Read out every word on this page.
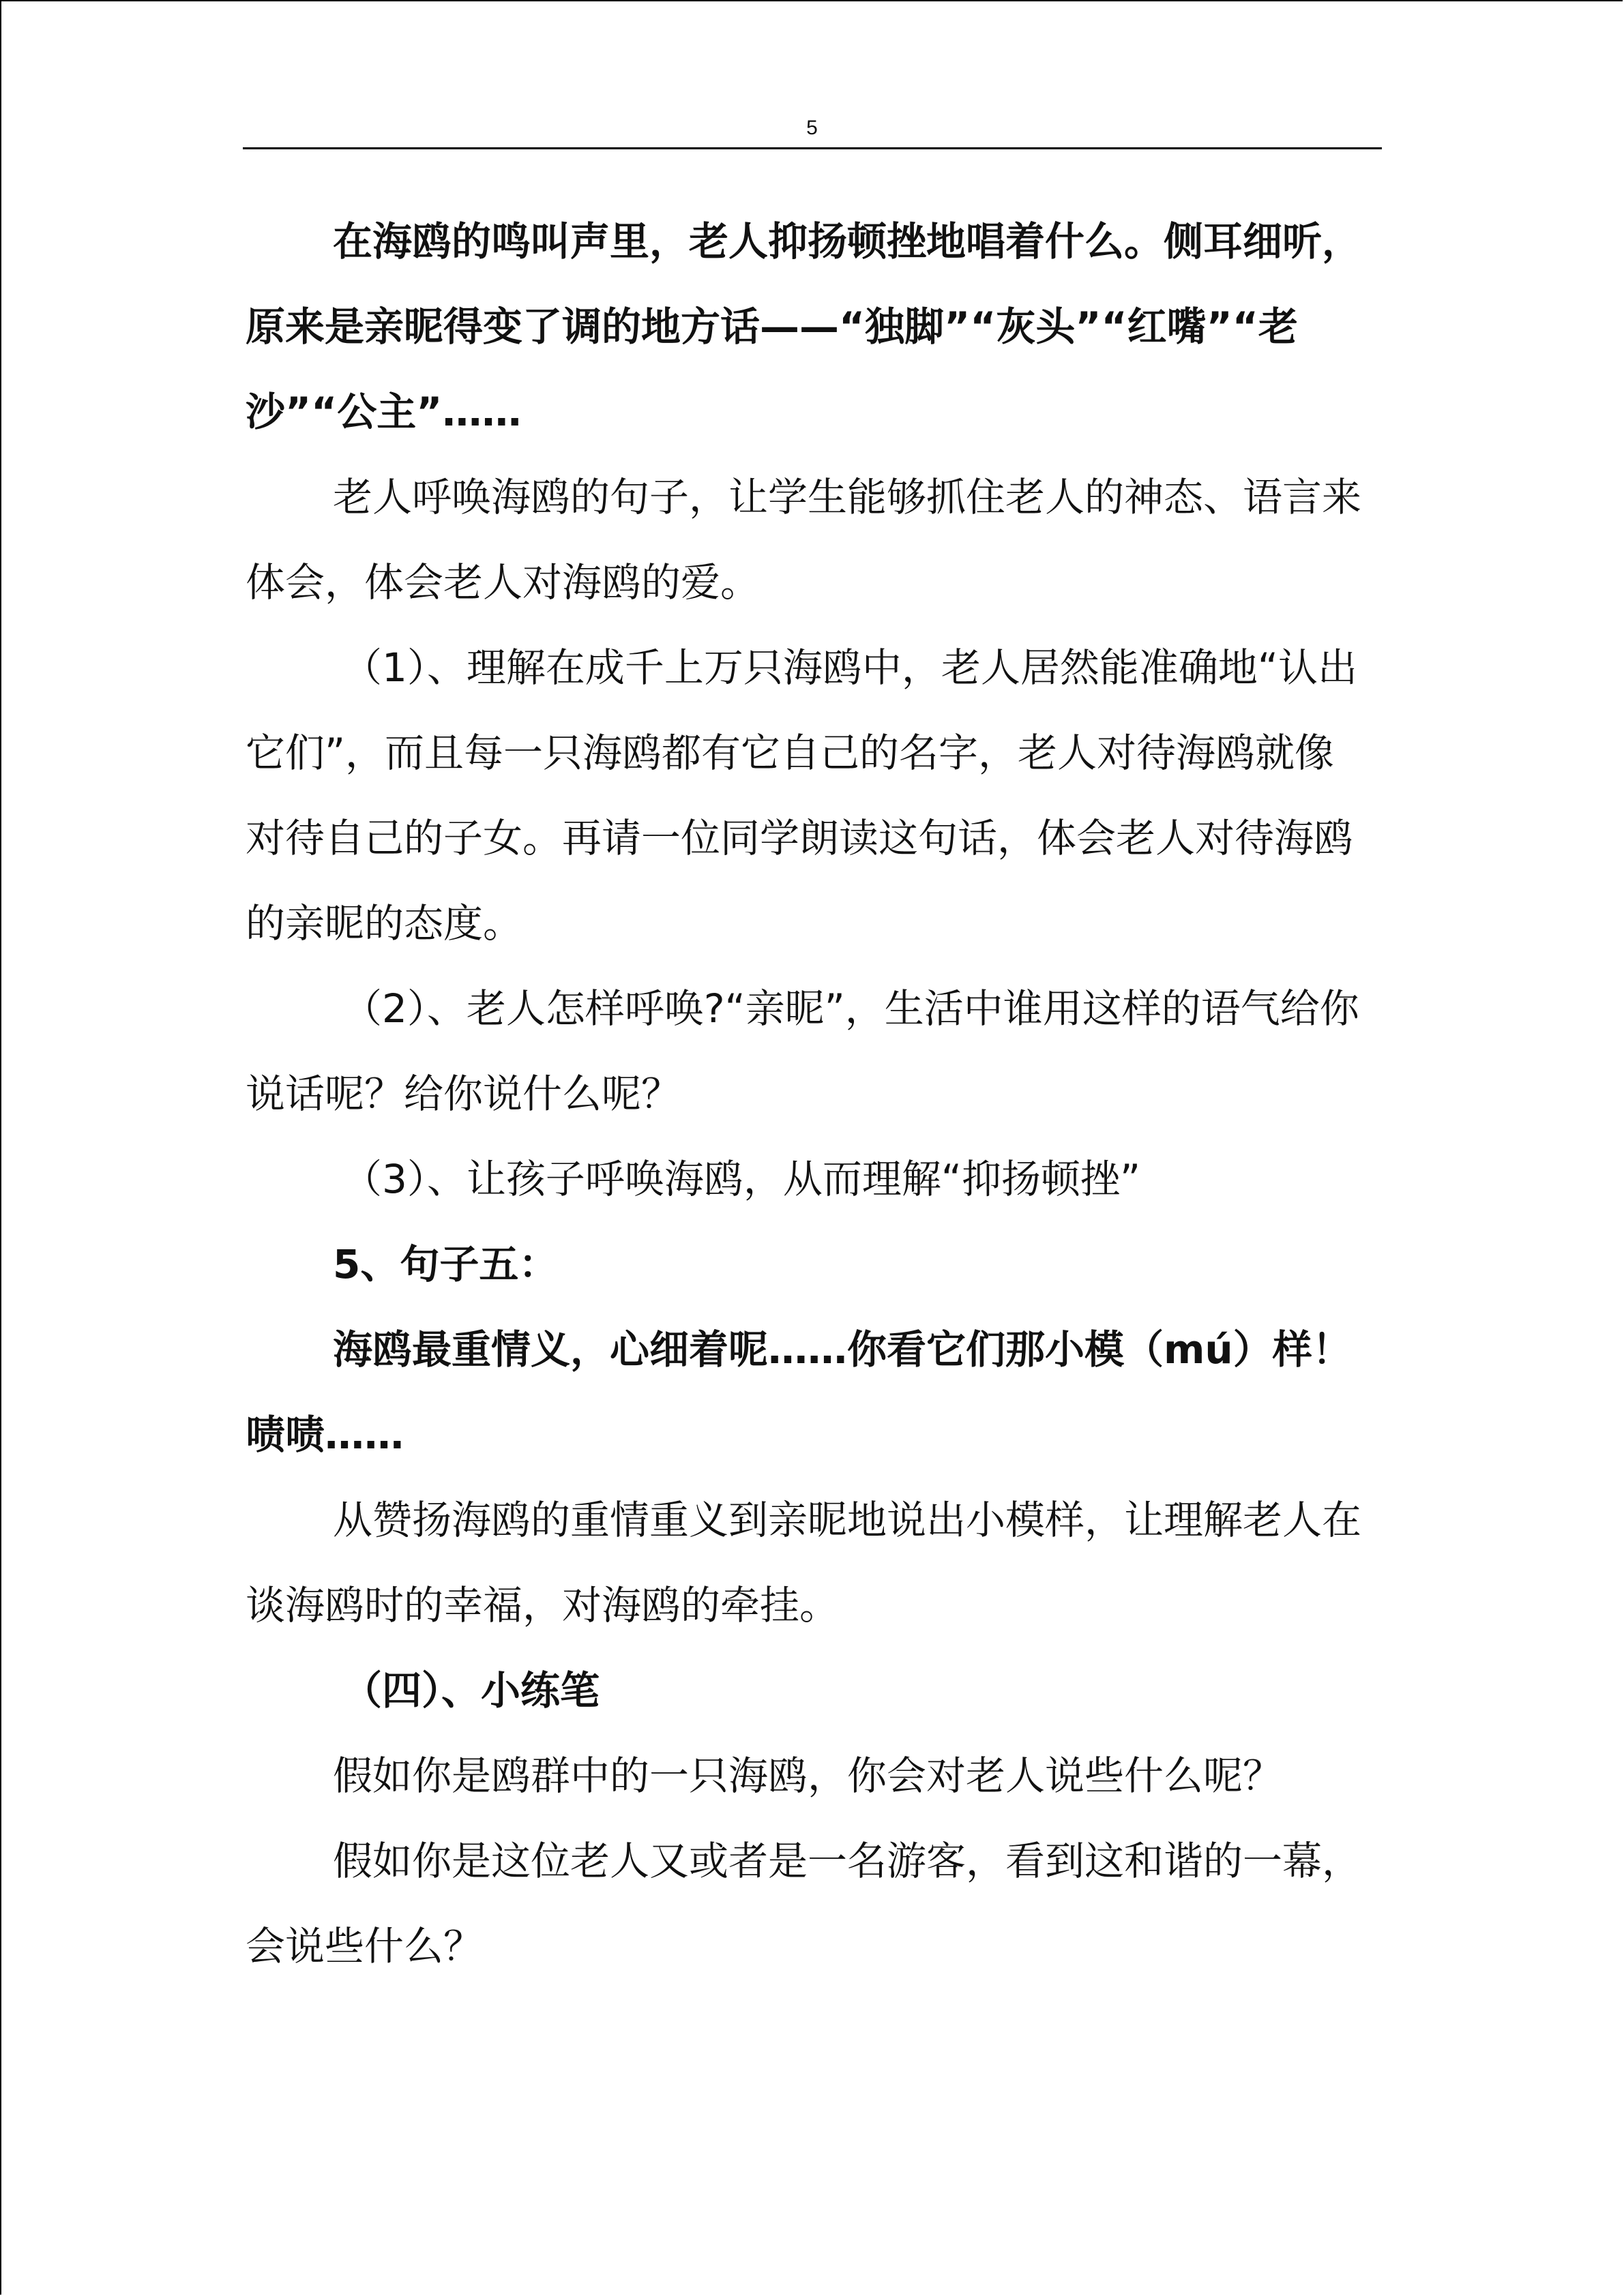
5

在海鸥的鸣叫声里，老人抑扬顿挫地唱着什么。侧耳细听，原来是亲昵得变了调的地方话——“独脚”“灰头”“红嘴”“老沙”“公主”……

老人呼唤海鸥的句子，让学生能够抓住老人的神态、语言来体会，体会老人对海鸥的爱。

（1）、理解在成千上万只海鸥中，老人居然能准确地“认出它们”，而且每一只海鸥都有它自己的名字，老人对待海鸥就像对待自己的子女。再请一位同学朗读这句话，体会老人对待海鸥的亲昵的态度。

（2）、老人怎样呼唤?“亲昵”，生活中谁用这样的语气给你说话呢？给你说什么呢？

（3）、让孩子呼唤海鸥，从而理解“抑扬顿挫”

5、句子五：

海鸥最重情义，心细着呢……你看它们那小模（mú）样！啧啧……

从赞扬海鸥的重情重义到亲昵地说出小模样，让理解老人在谈海鸥时的幸福，对海鸥的牵挂。

（四）、小练笔

假如你是鸥群中的一只海鸥，你会对老人说些什么呢？

假如你是这位老人又或者是一名游客，看到这和谐的一幕，会说些什么？
